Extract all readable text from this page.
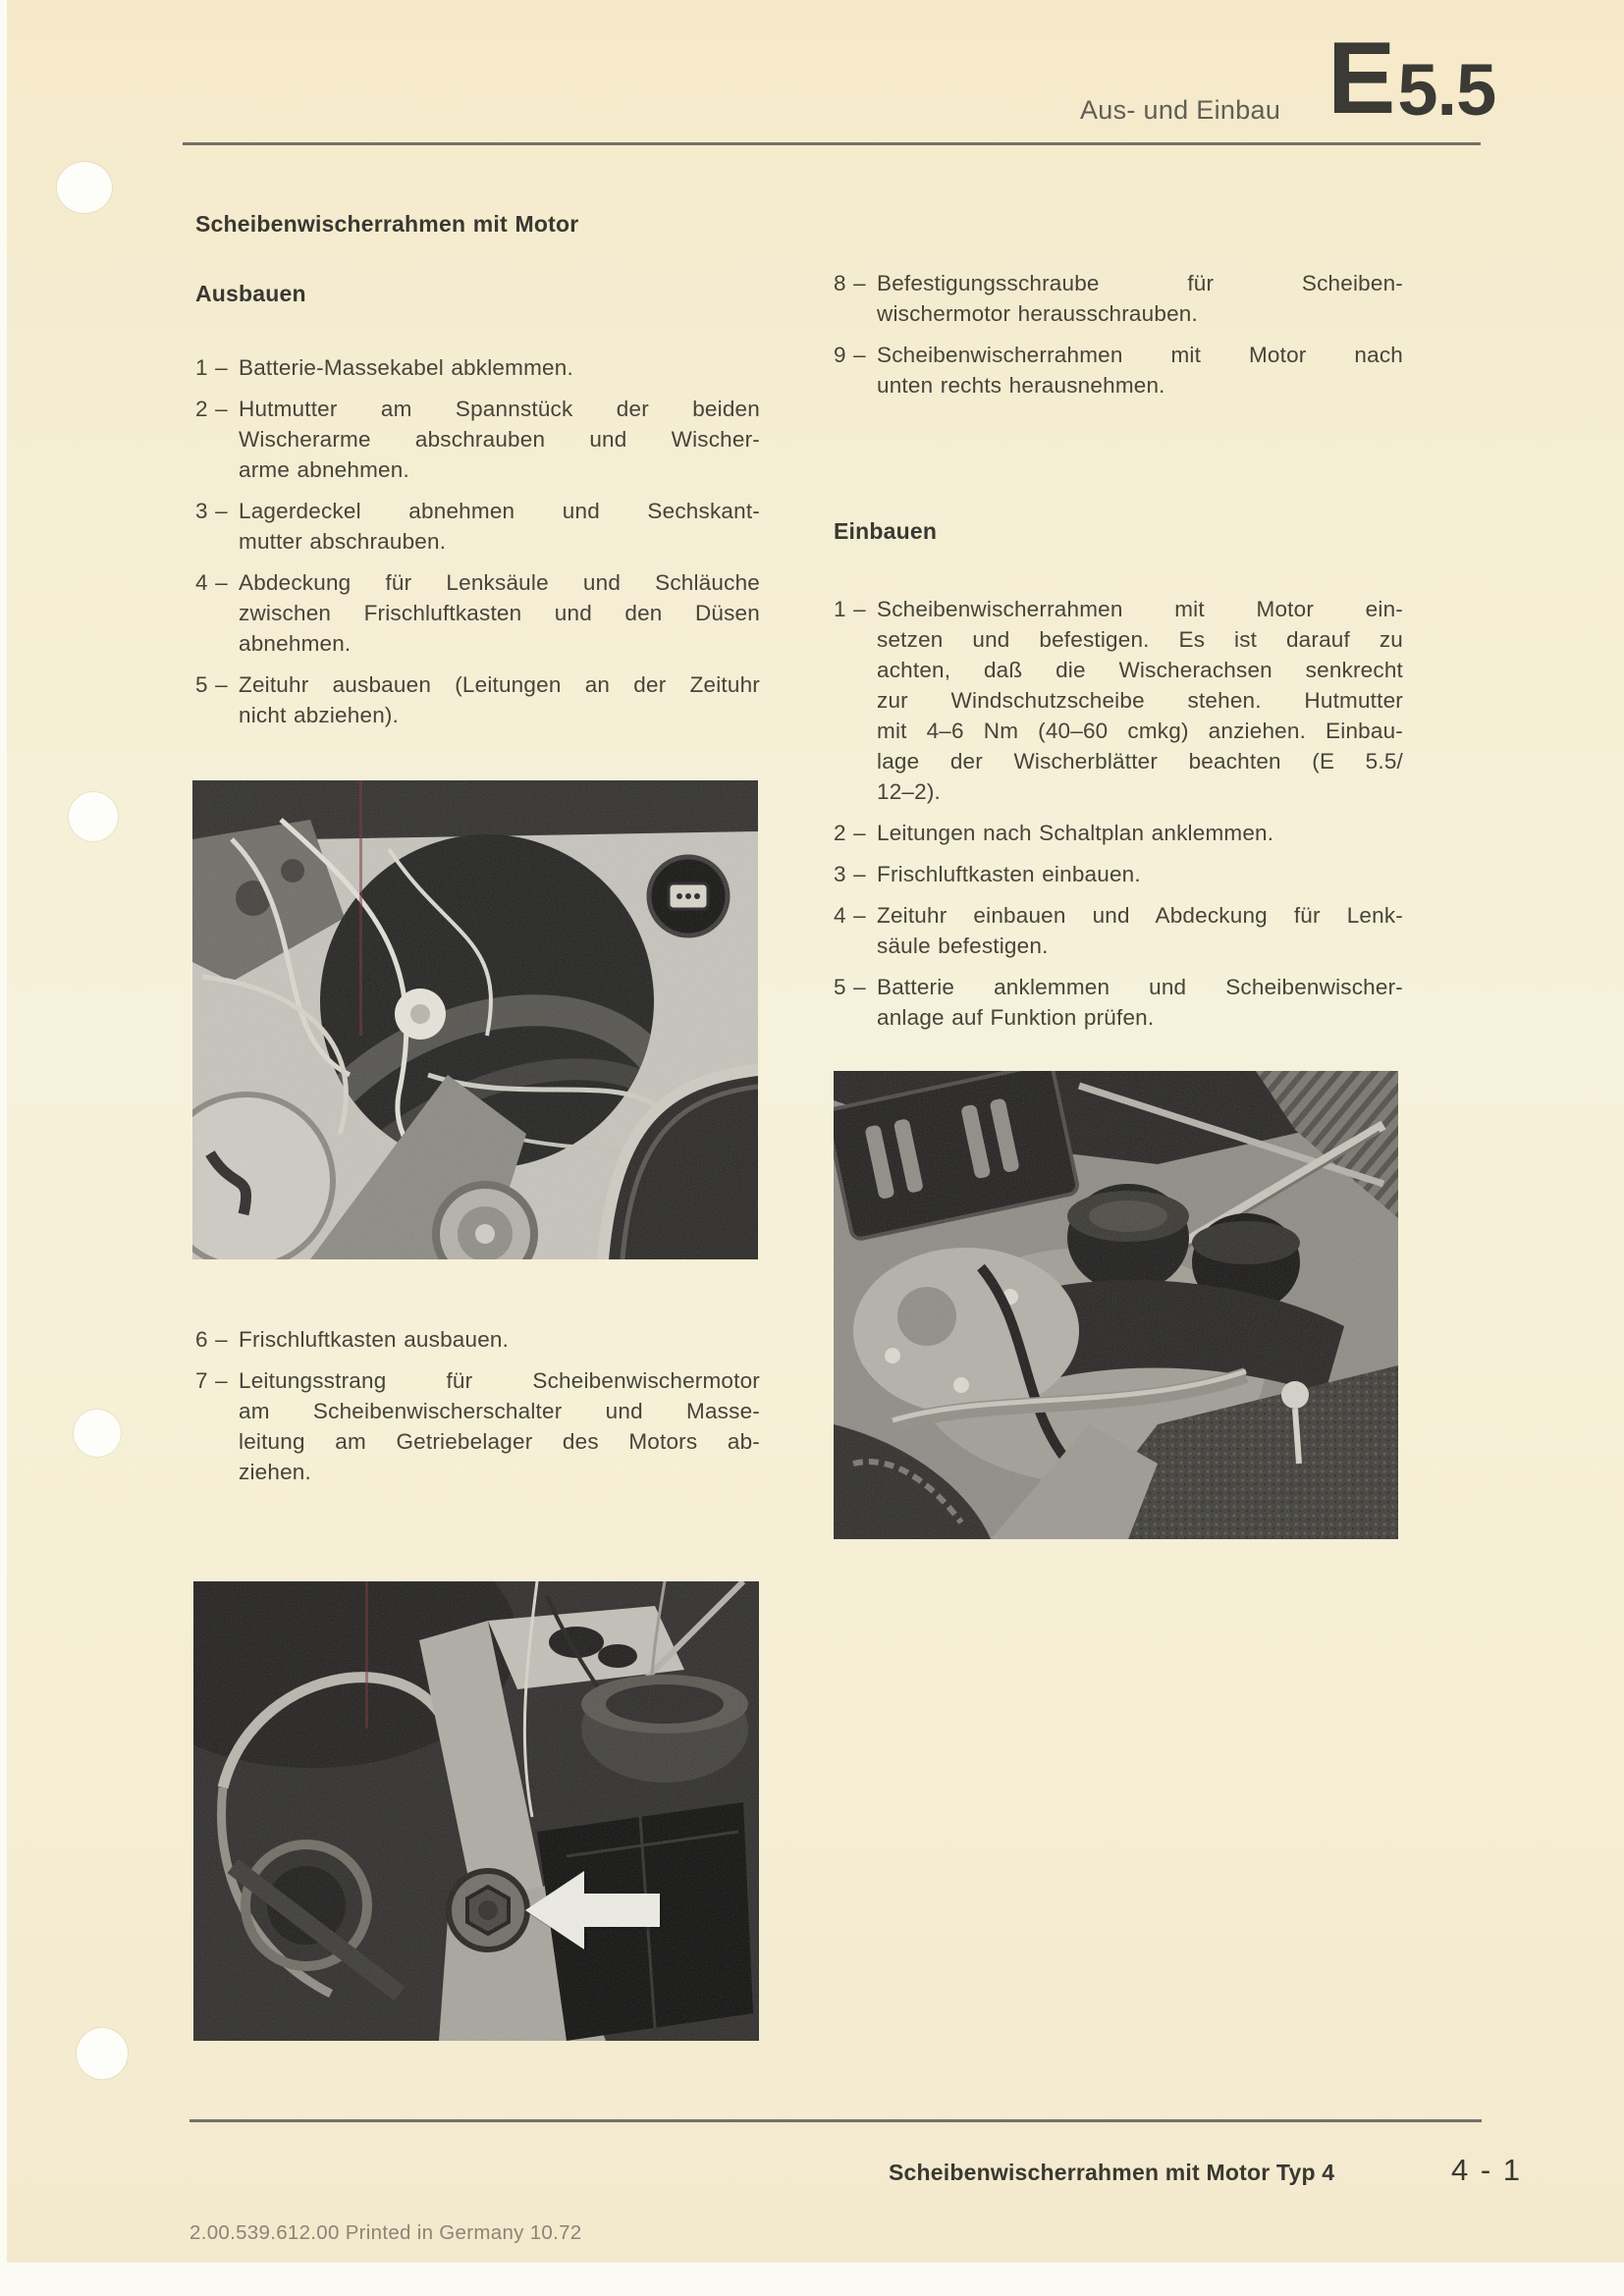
Aus- und Einbau E 5.5
Scheibenwischerrahmen mit Motor
Ausbauen
1 – Batterie-Massekabel abklemmen.
2 – Hutmutter am Spannstück der beiden
Wischerarme abschrauben und Wischer-
arme abnehmen.
3 – Lagerdeckel abnehmen und Sechskant-
mutter abschrauben.
4 – Abdeckung für Lenksäule und Schläuche
zwischen Frischluftkasten und den Düsen
abnehmen.
5 – Zeituhr ausbauen (Leitungen an der Zeituhr
nicht abziehen).
6 – Frischluftkasten ausbauen.
7 – Leitungsstrang für Scheibenwischermotor
am Scheibenwischerschalter und Masse-
leitung am Getriebelager des Motors ab-
ziehen.
8 – Befestigungsschraube für Scheiben-
wischermotor herausschrauben.
9 – Scheibenwischerrahmen mit Motor nach
unten rechts herausnehmen.
Einbauen
1 – Scheibenwischerrahmen mit Motor ein-
setzen und befestigen. Es ist darauf zu
achten, daß die Wischerachsen senkrecht
zur Windschutzscheibe stehen. Hutmutter
mit 4–6 Nm (40–60 cmkg) anziehen. Einbau-
lage der Wischerblätter beachten (E 5.5/
12–2).
2 – Leitungen nach Schaltplan anklemmen.
3 – Frischluftkasten einbauen.
4 – Zeituhr einbauen und Abdeckung für Lenk-
säule befestigen.
5 – Batterie anklemmen und Scheibenwischer-
anlage auf Funktion prüfen.
Scheibenwischerrahmen mit Motor Typ 4	4 - 1
2.00.539.612.00 Printed in Germany 10.72
